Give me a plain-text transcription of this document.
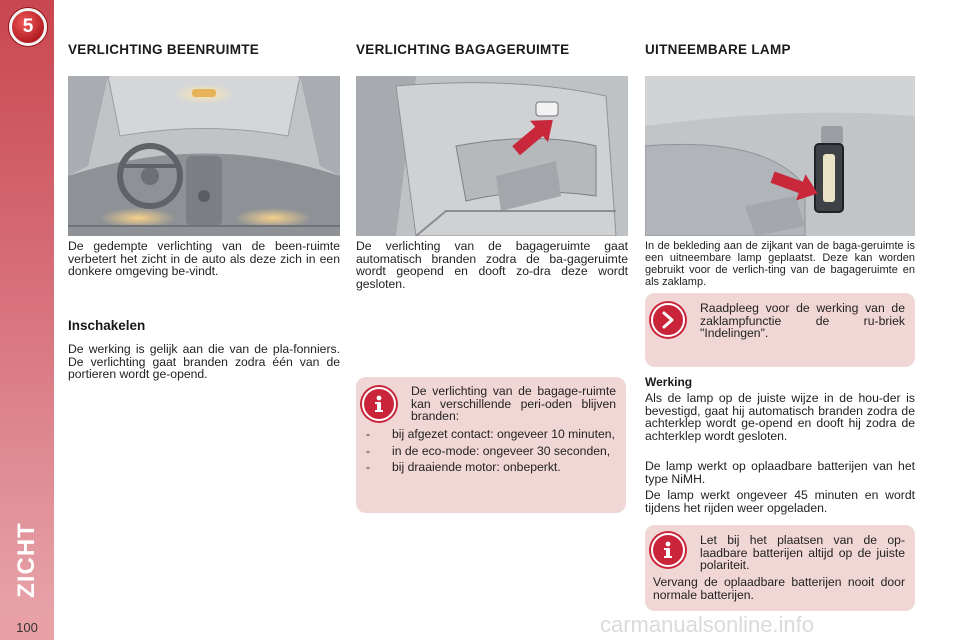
5
ZICHT
100
VERLICHTING BEENRUIMTE
De gedempte verlichting van de been-ruimte verbetert het zicht in de auto als deze zich in een donkere omgeving be-vindt.
Inschakelen
De werking is gelijk aan die van de pla-fonniers. De verlichting gaat branden zodra één van de portieren wordt ge-opend.
VERLICHTING BAGAGERUIMTE
De verlichting van de bagageruimte gaat automatisch branden zodra de ba-gageruimte wordt geopend en dooft zo-dra deze wordt gesloten.
De verlichting van de bagage-ruimte kan verschillende peri-oden blijven branden:
- bij afgezet contact: ongeveer 10 minuten,
- in de eco-mode: ongeveer 30 seconden,
- bij draaiende motor: onbeperkt.
UITNEEMBARE LAMP
In de bekleding aan de zijkant van de baga-geruimte is een uitneembare lamp geplaatst. Deze kan worden gebruikt voor de verlich-ting van de bagageruimte en als zaklamp.
Raadpleeg voor de werking van de zaklampfunctie de ru-briek "Indelingen".
Werking
Als de lamp op de juiste wijze in de hou-der is bevestigd, gaat hij automatisch branden zodra de achterklep wordt ge-opend en dooft hij zodra de achterklep wordt gesloten.
De lamp werkt op oplaadbare batterijen van het type NiMH.
De lamp werkt ongeveer 45 minuten en wordt tijdens het rijden weer opgeladen.
Let bij het plaatsen van de op-laadbare batterijen altijd op de juiste polariteit.
Vervang de oplaadbare batterijen nooit door normale batterijen.
carmanualsonline.info
